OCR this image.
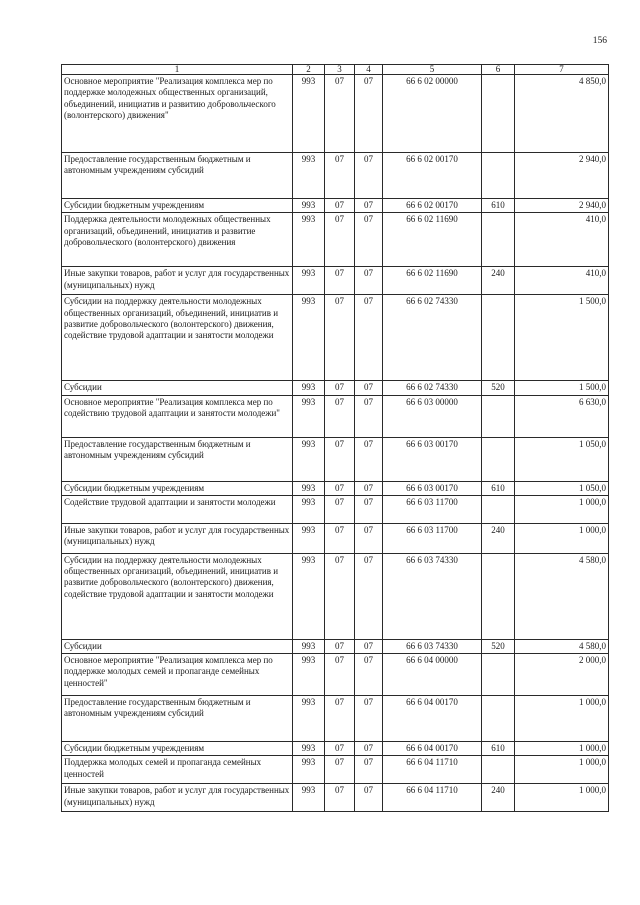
156
1	2	3	4	5	6	7
Основное мероприятие "Реализация комплекса мер по поддержке молодежных общественных организаций, объединений, инициатив и развитию добровольческого (волонтерского) движения"	993	07	07	66 6 02 00000		4 850,0
Предоставление государственным бюджетным и автономным учреждениям субсидий	993	07	07	66 6 02 00170		2 940,0
Субсидии бюджетным учреждениям	993	07	07	66 6 02 00170	610	2 940,0
Поддержка деятельности молодежных общественных организаций, объединений, инициатив и развитие добровольческого (волонтерского) движения	993	07	07	66 6 02 11690		410,0
Иные закупки товаров, работ и услуг для государственных (муниципальных) нужд	993	07	07	66 6 02 11690	240	410,0
Субсидии на поддержку деятельности молодежных общественных организаций, объединений, инициатив и развитие добровольческого (волонтерского) движения, содействие трудовой адаптации и занятости молодежи	993	07	07	66 6 02 74330		1 500,0
Субсидии	993	07	07	66 6 02 74330	520	1 500,0
Основное мероприятие "Реализация комплекса мер по содействию трудовой адаптации и занятости молодежи"	993	07	07	66 6 03 00000		6 630,0
Предоставление государственным бюджетным и автономным учреждениям субсидий	993	07	07	66 6 03 00170		1 050,0
Субсидии бюджетным учреждениям	993	07	07	66 6 03 00170	610	1 050,0
Содействие трудовой адаптации и занятости молодежи	993	07	07	66 6 03 11700		1 000,0
Иные закупки товаров, работ и услуг для государственных (муниципальных) нужд	993	07	07	66 6 03 11700	240	1 000,0
Субсидии на поддержку деятельности молодежных общественных организаций, объединений, инициатив и развитие добровольческого (волонтерского) движения, содействие трудовой адаптации и занятости молодежи	993	07	07	66 6 03 74330		4 580,0
Субсидии	993	07	07	66 6 03 74330	520	4 580,0
Основное мероприятие "Реализация комплекса мер по поддержке молодых семей и пропаганде семейных ценностей"	993	07	07	66 6 04 00000		2 000,0
Предоставление государственным бюджетным и автономным учреждениям субсидий	993	07	07	66 6 04 00170		1 000,0
Субсидии бюджетным учреждениям	993	07	07	66 6 04 00170	610	1 000,0
Поддержка молодых семей и пропаганда семейных ценностей	993	07	07	66 6 04 11710		1 000,0
Иные закупки товаров, работ и услуг для государственных (муниципальных) нужд	993	07	07	66 6 04 11710	240	1 000,0
